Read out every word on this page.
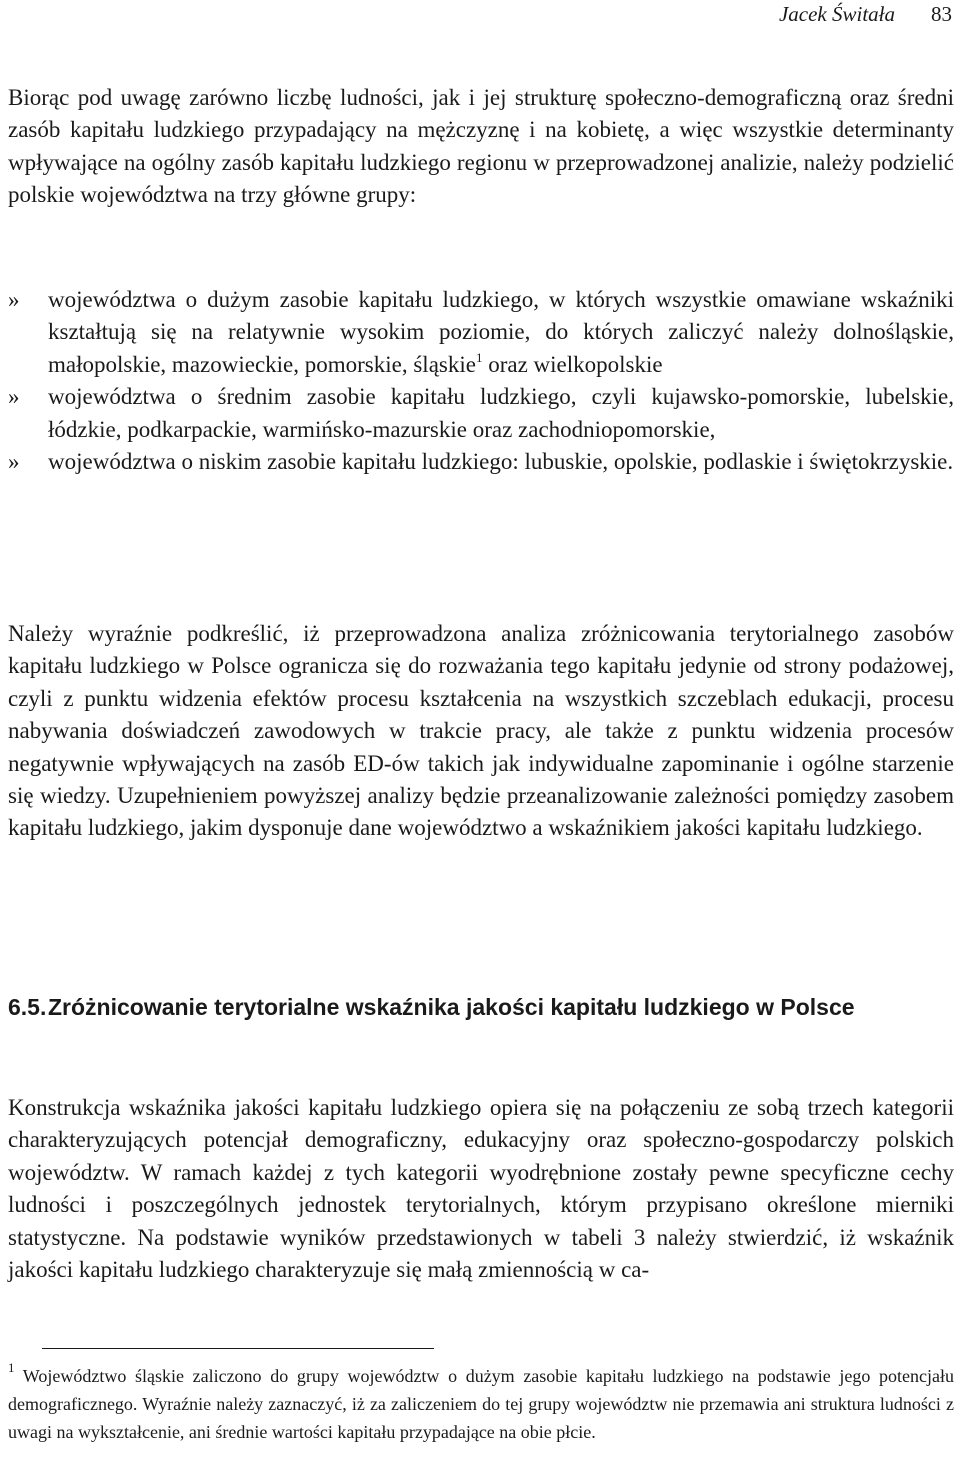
Jacek Świtała 83

Biorąc pod uwagę zarówno liczbę ludności, jak i jej strukturę społeczno-demograficzną oraz średni zasób kapitału ludzkiego przypadający na mężczyznę i na kobietę, a więc wszystkie determinanty wpływające na ogólny zasób kapitału ludzkiego regionu w przeprowadzonej analizie, należy podzielić polskie województwa na trzy główne grupy:

» województwa o dużym zasobie kapitału ludzkiego, w których wszystkie omawiane wskaźniki kształtują się na relatywnie wysokim poziomie, do których zaliczyć należy dolnośląskie, małopolskie, mazowieckie, pomorskie, śląskie$^1$ oraz wielkopolskie
» województwa o średnim zasobie kapitału ludzkiego, czyli kujawsko-pomorskie, lubelskie, łódzkie, podkarpackie, warmińsko-mazurskie oraz zachodniopomorskie,
» województwa o niskim zasobie kapitału ludzkiego: lubuskie, opolskie, podlaskie i świętokrzyskie.

Należy wyraźnie podkreślić, iż przeprowadzona analiza zróżnicowania terytorialnego zasobów kapitału ludzkiego w Polsce ogranicza się do rozważania tego kapitału jedynie od strony podażowej, czyli z punktu widzenia efektów procesu kształcenia na wszystkich szczeblach edukacji, procesu nabywania doświadczeń zawodowych w trakcie pracy, ale także z punktu widzenia procesów negatywnie wpływających na zasób ED-ów takich jak indywidualne zapominanie i ogólne starzenie się wiedzy. Uzupełnieniem powyższej analizy będzie przeanalizowanie zależności pomiędzy zasobem kapitału ludzkiego, jakim dysponuje dane województwo a wskaźnikiem jakości kapitału ludzkiego.

6.5. Zróżnicowanie terytorialne wskaźnika jakości kapitału ludzkiego w Polsce

Konstrukcja wskaźnika jakości kapitału ludzkiego opiera się na połączeniu ze sobą trzech kategorii charakteryzujących potencjał demograficzny, edukacyjny oraz społeczno-gospodarczy polskich województw. W ramach każdej z tych kategorii wyodrębnione zostały pewne specyficzne cechy ludności i poszczególnych jednostek terytorialnych, którym przypisano określone mierniki statystyczne. Na podstawie wyników przedstawionych w tabeli 3 należy stwierdzić, iż wskaźnik jakości kapitału ludzkiego charakteryzuje się małą zmiennością w ca-

$^1$ Województwo śląskie zaliczono do grupy województw o dużym zasobie kapitału ludzkiego na podstawie jego potencjału demograficznego. Wyraźnie należy zaznaczyć, iż za zaliczeniem do tej grupy województw nie przemawia ani struktura ludności z uwagi na wykształcenie, ani średnie wartości kapitału przypadające na obie płcie.
